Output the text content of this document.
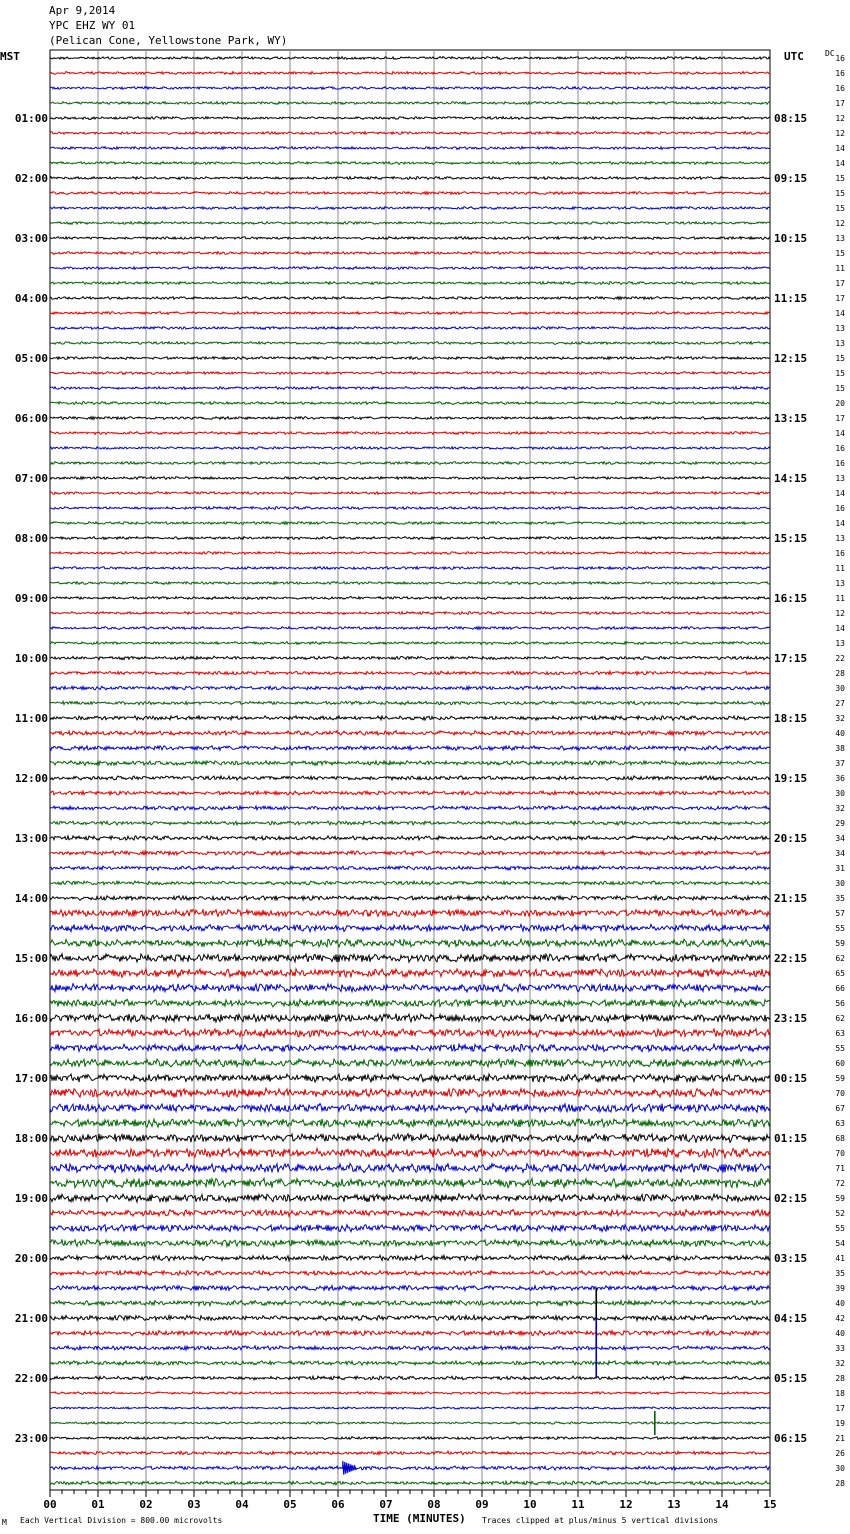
Apr 9,2014
YPC EHZ WY 01
(Pelican Cone, Yellowstone Park, WY)
MST	UTC	DC
01:00	08:15
02:00	09:15
03:00	10:15
04:00	11:15
05:00	12:15
06:00	13:15
07:00	14:15
08:00	15:15
09:00	16:15
10:00	17:15
11:00	18:15
12:00	19:15
13:00	20:15
14:00	21:15
15:00	22:15
16:00	23:15
17:00	00:15
18:00	01:15
19:00	02:15
20:00	03:15
21:00	04:15
22:00	05:15
23:00	06:15
16
16
16
17
12
12
14
14
15
15
15
12
13
15
11
17
17
14
13
13
15
15
15
20
17
14
16
16
13
14
16
14
13
16
11
13
11
12
14
13
22
28
30
27
32
40
38
37
36
30
32
29
34
34
31
30
35
57
55
59
62
65
66
56
62
63
55
60
59
70
67
63
68
70
71
72
59
52
55
54
41
35
39
40
42
40
33
32
28
18
17
19
21
26
30
28
00	01	02	03	04	05	06	07	08	09	10	11	12	13	14	15
M Each Vertical Division = 800.00 microvolts	TIME (MINUTES) Traces clipped at plus/minus 5 vertical divisions
